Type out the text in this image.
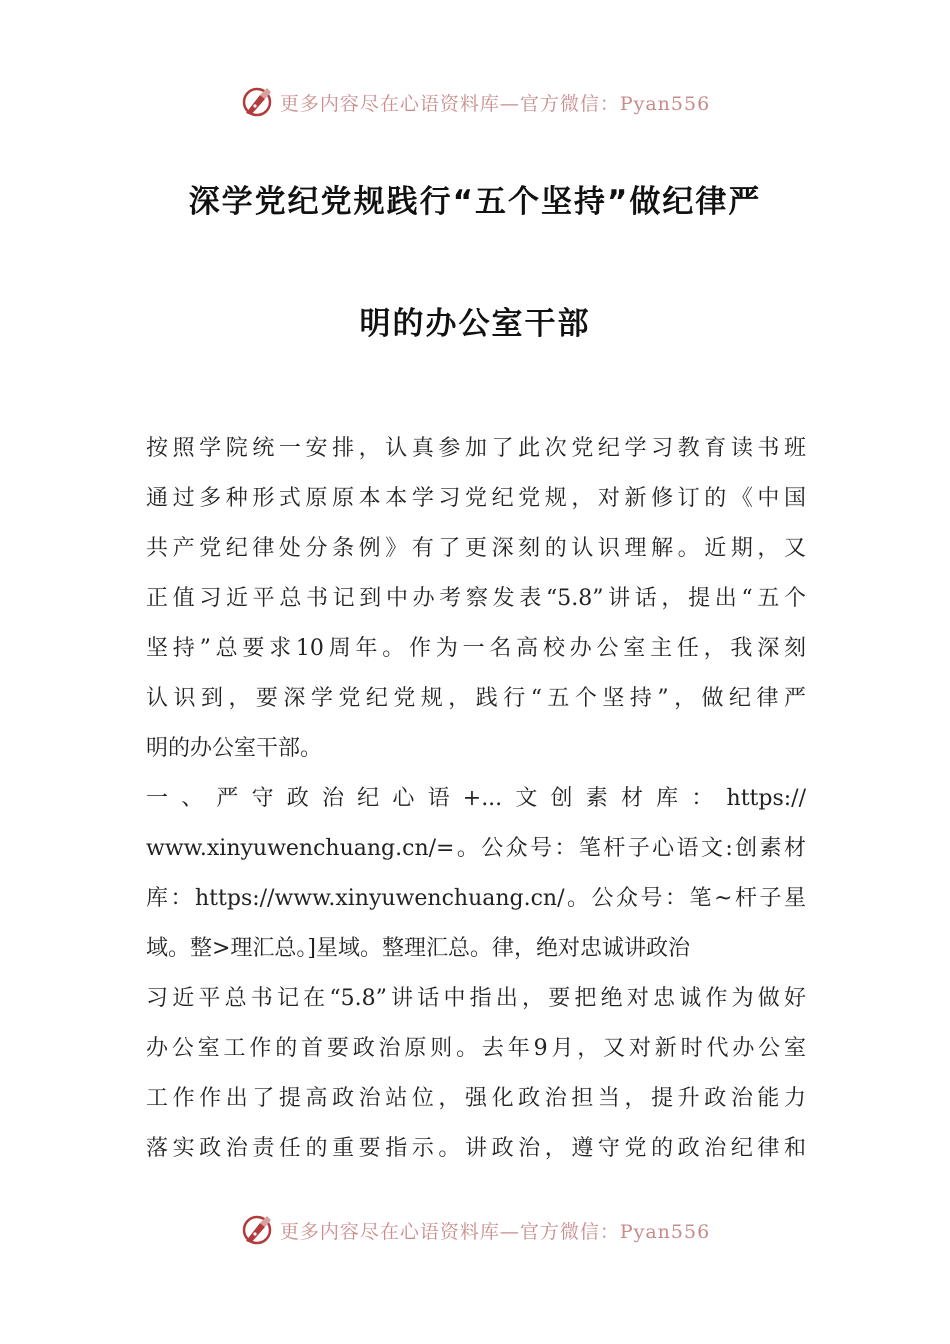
更多内容尽在心语资料库—官方微信：Pyan556
深学党纪党规践行“五个坚持”做纪律严
明的办公室干部
按照学院统一安排，认真参加了此次党纪学习教育读书班
通过多种形式原原本本学习党纪党规，对新修订的《中国
共产党纪律处分条例》有了更深刻的认识理解。近期，又
正值习近平总书记到中办考察发表“5.8”讲话，提出“五个
坚持”总要求10周年。作为一名高校办公室主任，我深刻
认识到，要深学党纪党规，践行“五个坚持”，做纪律严
明的办公室干部。
一、严守政治纪心语+...文创素材库：https://
www.xinyuwenchuang.cn/=。公众号：笔杆子心语文:创素材
库：https://www.xinyuwenchuang.cn/。公众号：笔~杆子星
域。整>理汇总。]星域。整理汇总。律，绝对忠诚讲政治
习近平总书记在“5.8”讲话中指出，要把绝对忠诚作为做好
办公室工作的首要政治原则。去年9月，又对新时代办公室
工作作出了提高政治站位，强化政治担当，提升政治能力
落实政治责任的重要指示。讲政治，遵守党的政治纪律和
更多内容尽在心语资料库—官方微信：Pyan556
